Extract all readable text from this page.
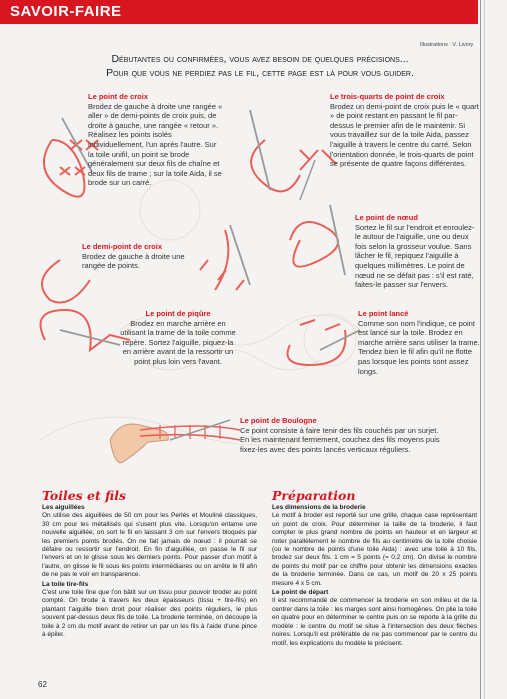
SAVOIR-FAIRE
Illustrations : V. Livory
Débutantes ou confirmées, vous avez besoin de quelques précisions...
Pour que vous ne perdiez pas le fil, cette page est là pour vous guider.
Le point de croix
Brodez de gauche à droite une rangée « aller » de demi-points de croix puis, de droite à gauche, une rangée « retour ». Réalisez les points isolés individuellement, l'un après l'autre. Sur la toile unifil, un point se brode généralement sur deux fils de chaîne et deux fils de trame ; sur la toile Aida, il se brode sur un carré.
Le trois-quarts de point de croix
Brodez un demi-point de croix puis le « quart » de point restant en passant le fil par-dessus le premier afin de le maintenir. Si vous travaillez sur de la toile Aida, passez l'aiguille à travers le centre du carré. Selon l'orientation donnée, le trois-quarts de point se présente de quatre façons différentes.
Le point de nœud
Sortez le fil sur l'endroit et enroulez-le autour de l'aiguille, une ou deux fois selon la grosseur voulue. Sans lâcher le fil, repiquez l'aiguille à quelques millimètres. Le point de nœud ne se défait pas : s'il est raté, faites-le passer sur l'envers.
Le demi-point de croix
Brodez de gauche à droite une rangée de points.
Le point de piqûre
Brodez en marche arrière en utilisant la trame de la toile comme repère. Sortez l'aiguille, piquez-la en arrière avant de la ressortir un point plus loin vers l'avant.
Le point lancé
Comme son nom l'indique, ce point est lancé sur la toile. Brodez en marche arrière sans utiliser la trame. Tendez bien le fil afin qu'il ne flotte pas lorsque les points sont assez longs.
Le point de Boulogne
Ce point consiste à faire tenir des fils couchés par un surjet. En les maintenant fermement, couchez des fils moyens puis fixez-les avec des points lancés verticaux réguliers.
Toiles et fils
Les aiguillées
On utilise des aiguillées de 50 cm pour les Perlés et Mouliné classiques, 30 cm pour les métallisés qui s'usent plus vite. Lorsqu'on entame une nouvelle aiguillée, on sort le fil en laissant 3 cm sur l'envers bloqués par les premiers points brodés. On ne fait jamais de nœud : il pourrait se défaire ou ressortir sur l'endroit. En fin d'aiguillée, on passe le fil sur l'envers et on le glisse sous les derniers points. Pour passer d'un motif à l'autre, on glisse le fil sous les points intermédiaires ou on arrête le fil afin de ne pas le voir en transparence.
La toile tire-fils
C'est une toile fine que l'on bâtit sur un tissu pour pouvoir broder au point compté. On brode à travers les deux épaisseurs (tissu + tire-fils) en plantant l'aiguille bien droit pour réaliser des points réguliers, le plus souvent par-dessus deux fils de toile. La broderie terminée, on découpe la toile à 2 cm du motif avant de retirer un par un les fils à l'aide d'une pince à épiler.
Préparation
Les dimensions de la broderie
Le motif à broder est reporté sur une grille, chaque case représentant un point de croix. Pour déterminer la taille de la broderie, il faut compter le plus grand nombre de points en hauteur et en largeur et noter parallèlement le nombre de fils au centimètre de la toile choisie (ou le nombre de points d'une toile Aida) : avec une toile à 10 fils, brodez sur deux fils. 1 cm = 5 points (= 0,2 cm). On divise le nombre de points du motif par ce chiffre pour obtenir les dimensions exactes de la broderie terminée. Dans ce cas, un motif de 20 x 25 points mesure 4 x 5 cm.
Le point de départ
Il est recommandé de commencer la broderie en son milieu et de la centrer dans la toile : les marges sont ainsi homogènes. On plie la toile en quatre pour en déterminer le centre puis on se reporte à la grille du modèle : le centre du motif se situe à l'intersection des deux flèches noires. Lorsqu'il est préférable de ne pas commencer par le centre du motif, les explications du modèle le précisent.
62
